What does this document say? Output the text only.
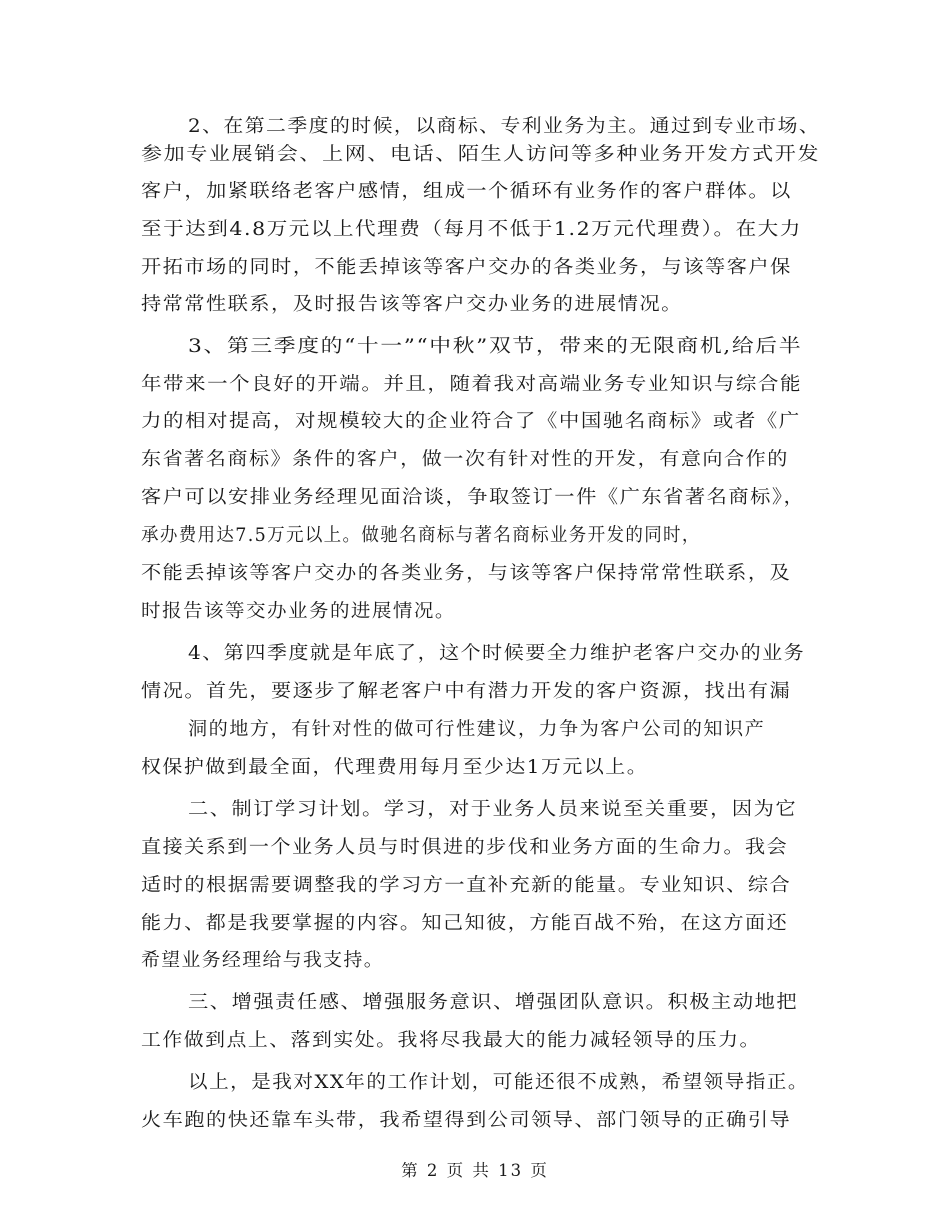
2、在第二季度的时候，以商标、专利业务为主。通过到专业市场、
参加专业展销会、上网、电话、陌生人访问等多种业务开发方式开发
客户，加紧联络老客户感情，组成一个循环有业务作的客户群体。以
至于达到4.8万元以上代理费（每月不低于1.2万元代理费）。在大力
开拓市场的同时，不能丢掉该等客户交办的各类业务，与该等客户保
持常常性联系，及时报告该等客户交办业务的进展情况。
3、第三季度的“十一”“中秋”双节，带来的无限商机,给后半
年带来一个良好的开端。并且，随着我对高端业务专业知识与综合能
力的相对提高，对规模较大的企业符合了《中国驰名商标》或者《广
东省著名商标》条件的客户，做一次有针对性的开发，有意向合作的
客户可以安排业务经理见面洽谈，争取签订一件《广东省著名商标》，
承办费用达7.5万元以上。做驰名商标与著名商标业务开发的同时，
不能丢掉该等客户交办的各类业务，与该等客户保持常常性联系，及
时报告该等交办业务的进展情况。
4、第四季度就是年底了，这个时候要全力维护老客户交办的业务
情况。首先，要逐步了解老客户中有潜力开发的客户资源，找出有漏
洞的地方，有针对性的做可行性建议，力争为客户公司的知识产
权保护做到最全面，代理费用每月至少达1万元以上。
二、制订学习计划。学习，对于业务人员来说至关重要，因为它
直接关系到一个业务人员与时俱进的步伐和业务方面的生命力。我会
适时的根据需要调整我的学习方一直补充新的能量。专业知识、综合
能力、都是我要掌握的内容。知己知彼，方能百战不殆，在这方面还
希望业务经理给与我支持。
三、增强责任感、增强服务意识、增强团队意识。积极主动地把
工作做到点上、落到实处。我将尽我最大的能力减轻领导的压力。
以上，是我对XX年的工作计划，可能还很不成熟，希望领导指正。
火车跑的快还靠车头带，我希望得到公司领导、部门领导的正确引导
第 2 页 共 13 页
